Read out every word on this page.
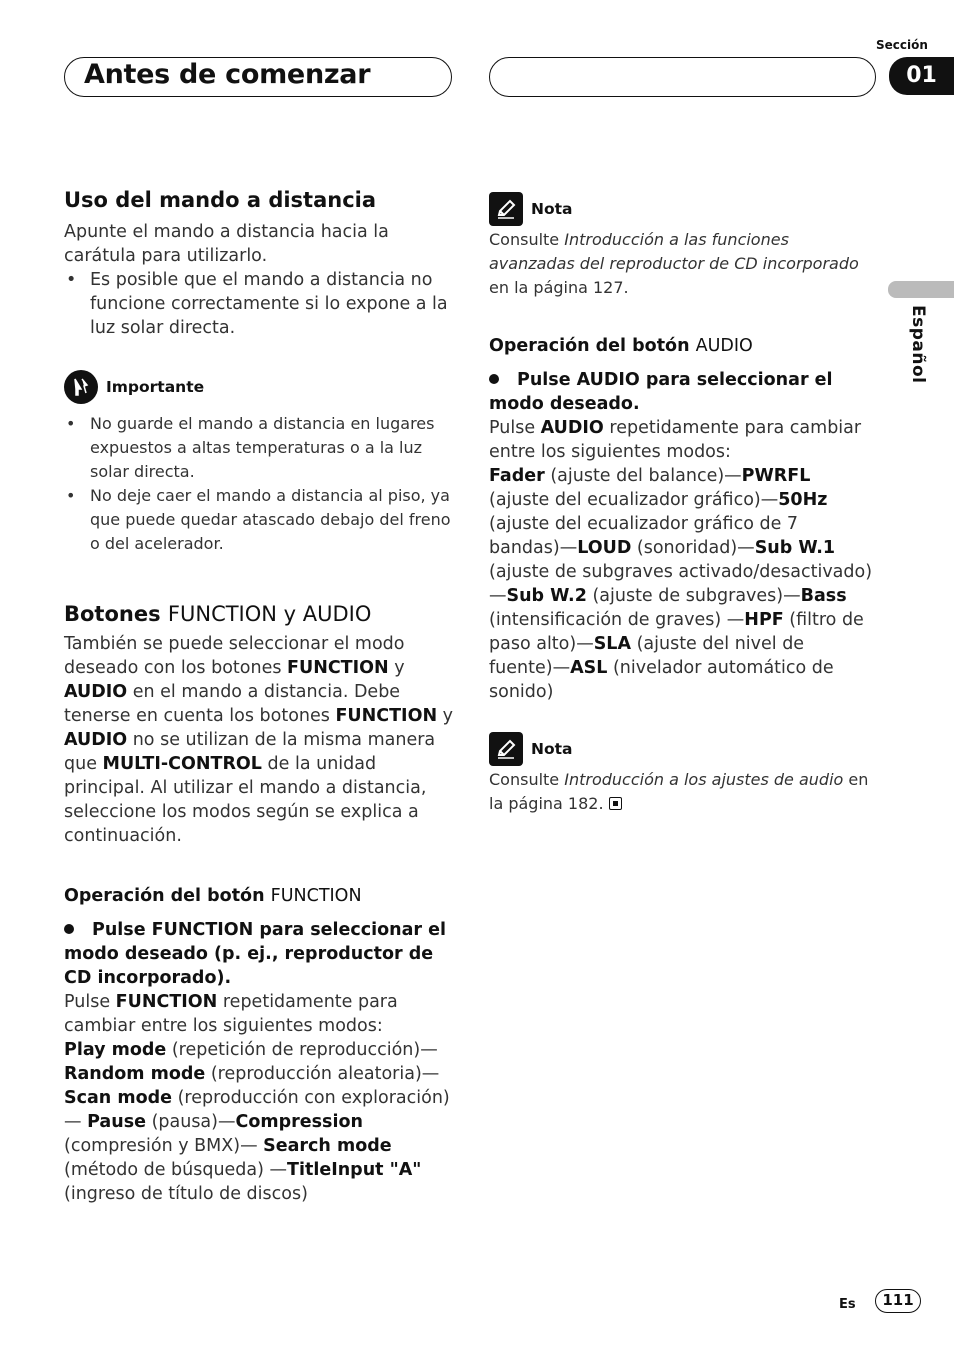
Antes de comenzar
Sección
01
Español
Uso del mando a distancia

Apunte el mando a distancia hacia la carátula para utilizarlo.

• Es posible que el mando a distancia no funcione correctamente si lo expone a la luz solar directa.
Importante
• No guarde el mando a distancia en lugares expuestos a altas temperaturas o a la luz solar directa.
• No deje caer el mando a distancia al piso, ya que puede quedar atascado debajo del freno o del acelerador.
Botones FUNCTION y AUDIO

También se puede seleccionar el modo deseado con los botones FUNCTION y AUDIO en el mando a distancia. Debe tenerse en cuenta los botones FUNCTION y AUDIO no se utilizan de la misma manera que MULTI-CONTROL de la unidad principal. Al utilizar el mando a distancia, seleccione los modos según se explica a continuación.

Operación del botón FUNCTION

Pulse FUNCTION para seleccionar el modo deseado (p. ej., reproductor de CD incorporado).

Pulse FUNCTION repetidamente para cambiar entre los siguientes modos:

Play mode (repetición de reproducción)— Random mode (reproducción aleatoria)— Scan mode (reproducción con exploración)— Pause (pausa)—Compression (compresión y BMX)— Search mode (método de búsqueda) —TitleInput "A" (ingreso de título de discos)

Nota

Consulte Introducción a las funciones avanzadas del reproductor de CD incorporado en la página 127.

Operación del botón AUDIO

Pulse AUDIO para seleccionar el modo deseado.

Pulse AUDIO repetidamente para cambiar entre los siguientes modos:

Fader (ajuste del balance)—PWRFL (ajuste del ecualizador gráfico)—50Hz (ajuste del ecualizador gráfico de 7 bandas)—LOUD (sonoridad)—Sub W.1 (ajuste de subgraves activado/desactivado)—Sub W.2 (ajuste de subgraves)—Bass (intensificación de graves) —HPF (filtro de paso alto)—SLA (ajuste del nivel de fuente)—ASL (nivelador automático de sonido)

Nota

Consulte Introducción a los ajustes de audio en la página 182.

Es	111
